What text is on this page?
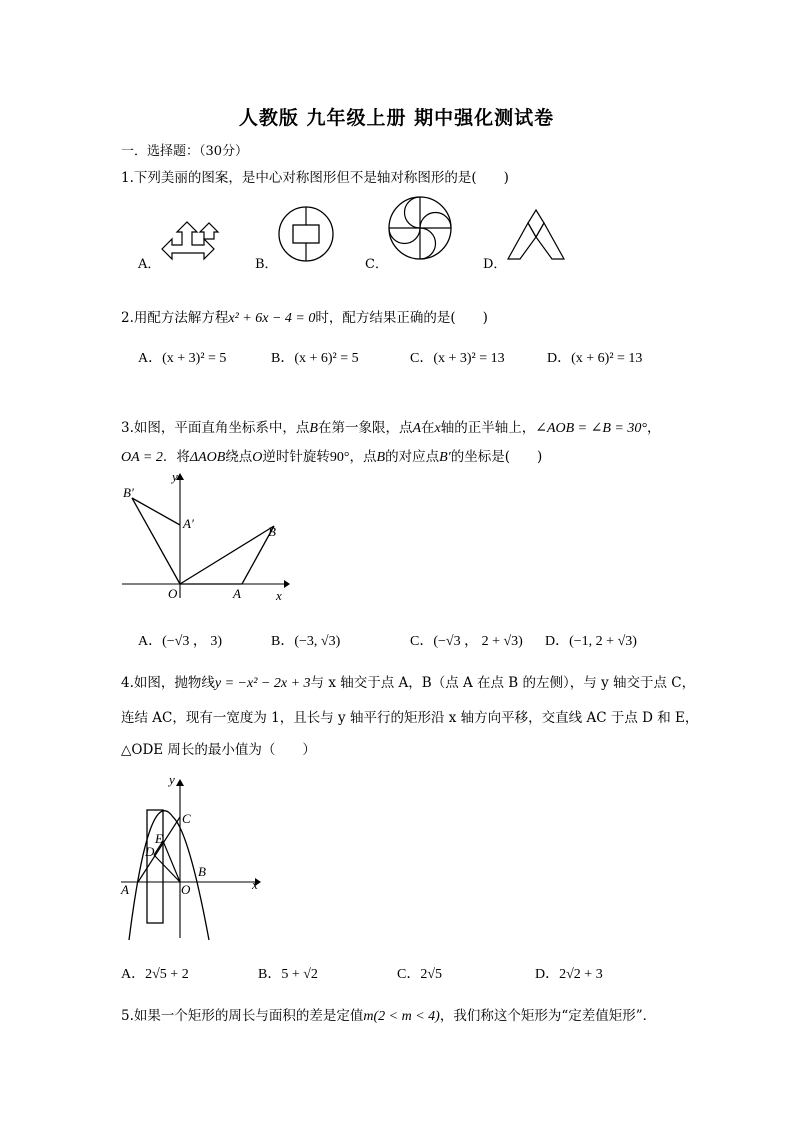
人教版 九年级上册 期中强化测试卷
一．选择题：（30分）
1.下列美丽的图案，是中心对称图形但不是轴对称图形的是(　　)
A．	B．	C．	D．
2.用配方法解方程x² + 6x − 4 = 0时，配方结果正确的是(　　)
A．(x + 3)² = 5	B．(x + 6)² = 5	C．(x + 3)² = 13	D．(x + 6)² = 13
3.如图，平面直角坐标系中，点B在第一象限，点A在x轴的正半轴上，∠AOB = ∠B = 30°，
OA = 2．将ΔAOB绕点O逆时针旋转90°，点B的对应点B′的坐标是(　　)
y
x
O	A
B
A′
B′
A．(−√3 ， 3)	B．(−3, √3)	C．(−√3 ， 2 + √3) D．(−1, 2 + √3)
4.如图，抛物线y = −x² − 2x + 3与 x 轴交于点 A，B（点 A 在点 B 的左侧），与 y 轴交于点 C，
连结 AC，现有一宽度为 1，且长与 y 轴平行的矩形沿 x 轴方向平移，交直线 AC 于点 D 和 E，
△ODE 周长的最小值为（　　）
y
x
O
A
B
C
D
E
A．2√5 + 2	B．5 + √2	C．2√5	D．2√2 + 3
5.如果一个矩形的周长与面积的差是定值m(2 < m < 4)，我们称这个矩形为“定差值矩形”．
